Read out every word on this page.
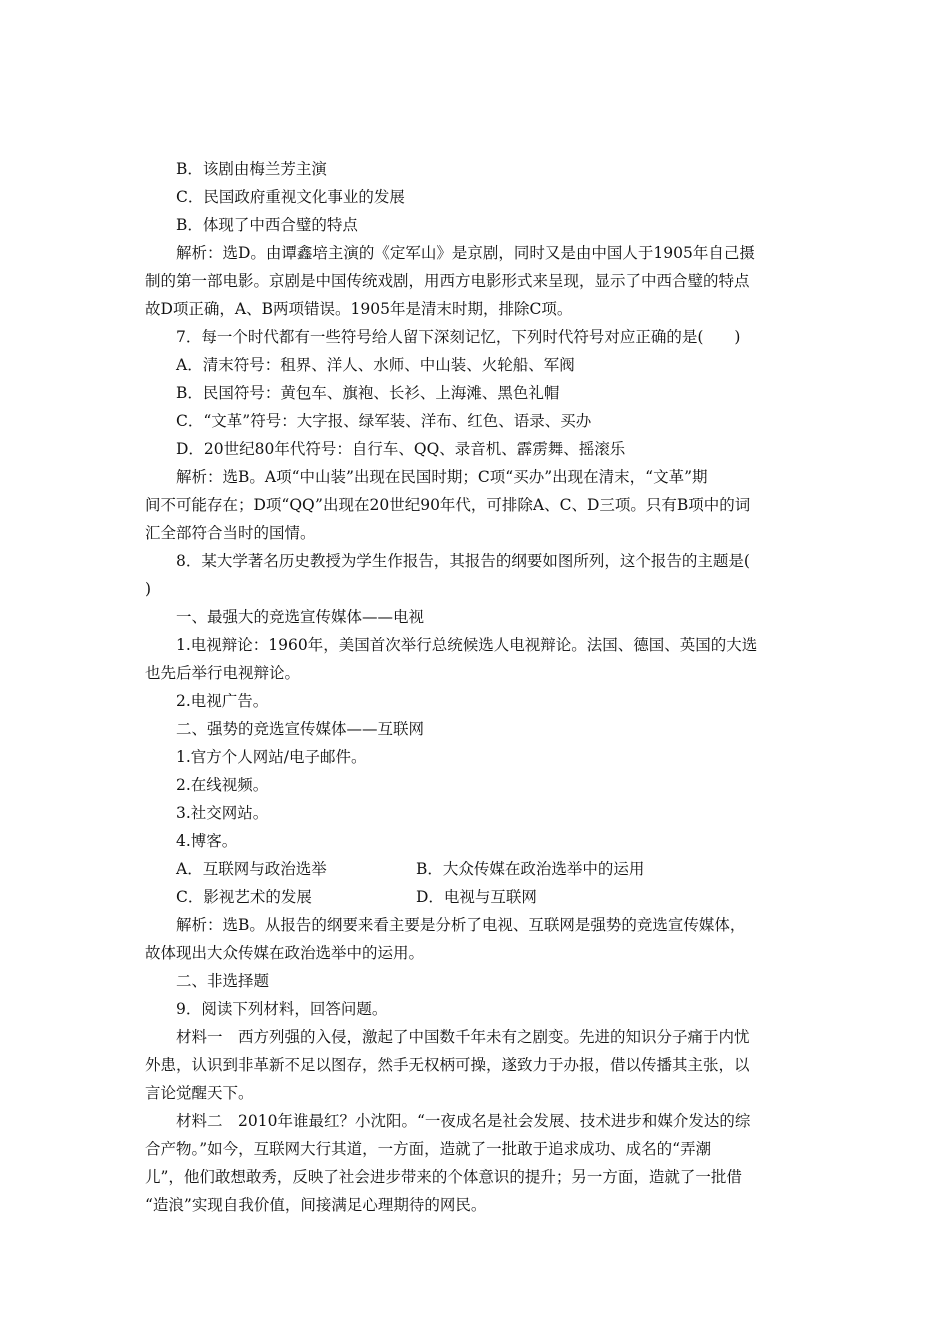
B．该剧由梅兰芳主演

C．民国政府重视文化事业的发展

B．体现了中西合璧的特点

解析：选D。由谭鑫培主演的《定军山》是京剧，同时又是由中国人于1905年自己摄

制的第一部电影。京剧是中国传统戏剧，用西方电影形式来呈现，显示了中西合璧的特点

故D项正确，A、B两项错误。1905年是清末时期，排除C项。

7．每一个时代都有一些符号给人留下深刻记忆，下列时代符号对应正确的是(　　)

A．清末符号：租界、洋人、水师、中山装、火轮船、军阀

B．民国符号：黄包车、旗袍、长衫、上海滩、黑色礼帽

C．“文革”符号：大字报、绿军装、洋布、红色、语录、买办

D．20世纪80年代符号：自行车、QQ、录音机、霹雳舞、摇滚乐

解析：选B。A项“中山装”出现在民国时期；C项“买办”出现在清末，“文革”期

间不可能存在；D项“QQ”出现在20世纪90年代，可排除A、C、D三项。只有B项中的词

汇全部符合当时的国情。

8．某大学著名历史教授为学生作报告，其报告的纲要如图所列，这个报告的主题是(

)

一、最强大的竞选宣传媒体——电视

1.电视辩论：1960年，美国首次举行总统候选人电视辩论。法国、德国、英国的大选

也先后举行电视辩论。

2.电视广告。

二、强势的竞选宣传媒体——互联网

1.官方个人网站/电子邮件。

2.在线视频。

3.社交网站。

4.博客。

A．互联网与政治选举	B．大众传媒在政治选举中的运用
C．影视艺术的发展	D．电视与互联网

解析：选B。从报告的纲要来看主要是分析了电视、互联网是强势的竞选宣传媒体，

故体现出大众传媒在政治选举中的运用。

二、非选择题

9．阅读下列材料，回答问题。

材料一　西方列强的入侵，激起了中国数千年未有之剧变。先进的知识分子痛于内忧

外患，认识到非革新不足以图存，然手无权柄可操，遂致力于办报，借以传播其主张，以

言论觉醒天下。

材料二　2010年谁最红？小沈阳。“一夜成名是社会发展、技术进步和媒介发达的综

合产物。”如今，互联网大行其道，一方面，造就了一批敢于追求成功、成名的“弄潮

儿”，他们敢想敢秀，反映了社会进步带来的个体意识的提升；另一方面，造就了一批借

“造浪”实现自我价值，间接满足心理期待的网民。
